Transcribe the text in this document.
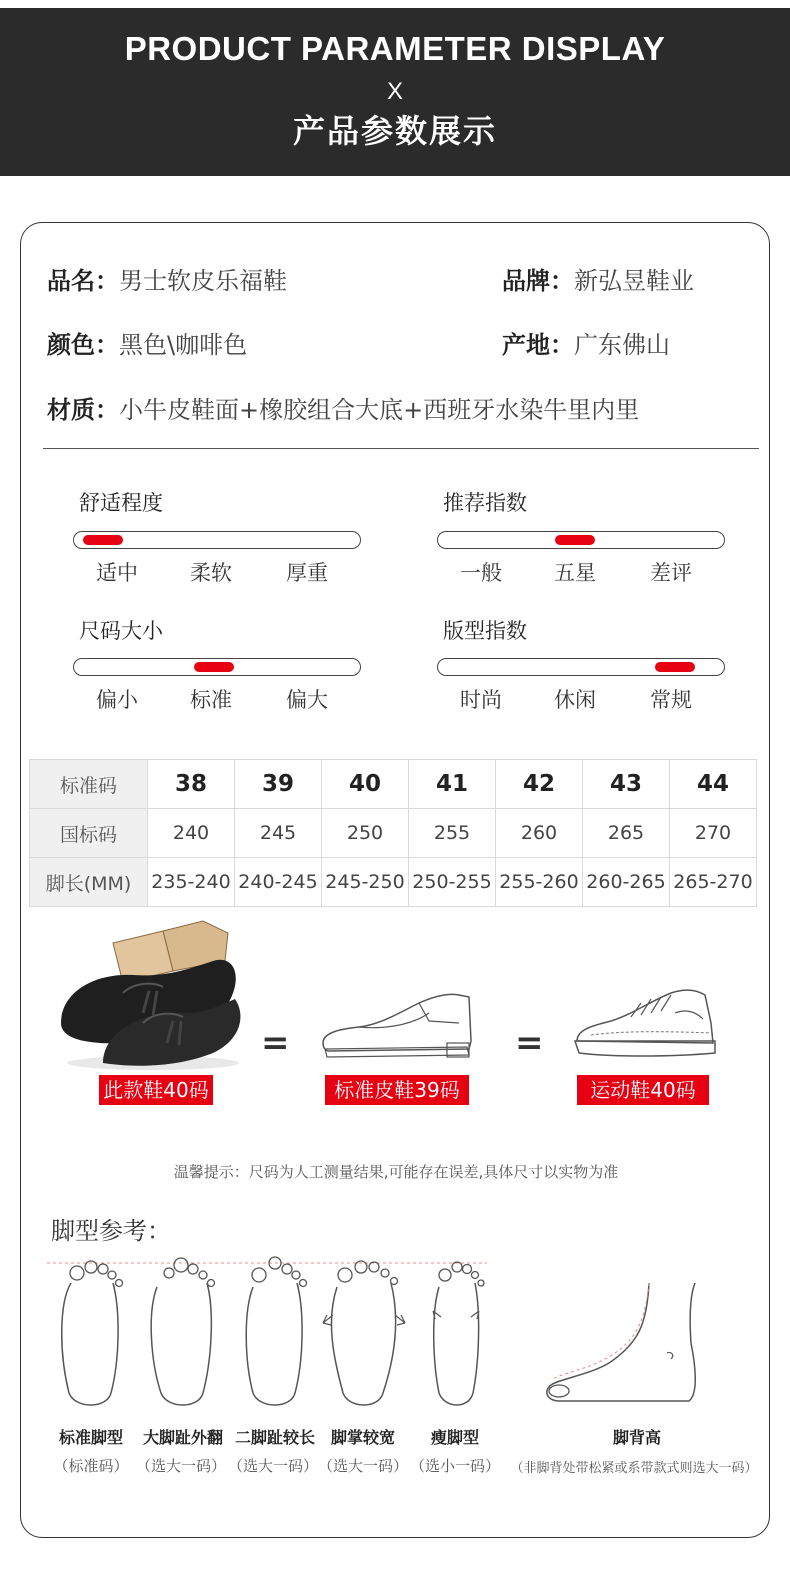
PRODUCT PARAMETER DISPLAY
X
产品参数展示
品名：男士软皮乐福鞋	品牌：新弘昱鞋业
颜色：黑色\咖啡色	产地：广东佛山
材质：小牛皮鞋面+橡胶组合大底+西班牙水染牛里内里
舒适程度
适中 柔软	厚重
推荐指数
一般 五星	差评
尺码大小
偏小 标准	偏大
版型指数
时尚 休闲	常规
标准码	38	39	40	41	42	43	44
国标码	240	245	250	255	260	265	270
脚长(MM)	235-240	240-245	245-250	250-255	255-260	260-265	265-270
=	=
此款鞋40码	标准皮鞋39码	运动鞋40码
温馨提示：尺码为人工测量结果,可能存在误差,具体尺寸以实物为准
脚型参考：
标准脚型	大脚趾外翻 二脚趾较长 脚掌较宽	瘦脚型	脚背高
（标准码） （选大一码） （选大一码） （选大一码） （选小一码） （非脚背处带松紧或系带款式则选大一码）
